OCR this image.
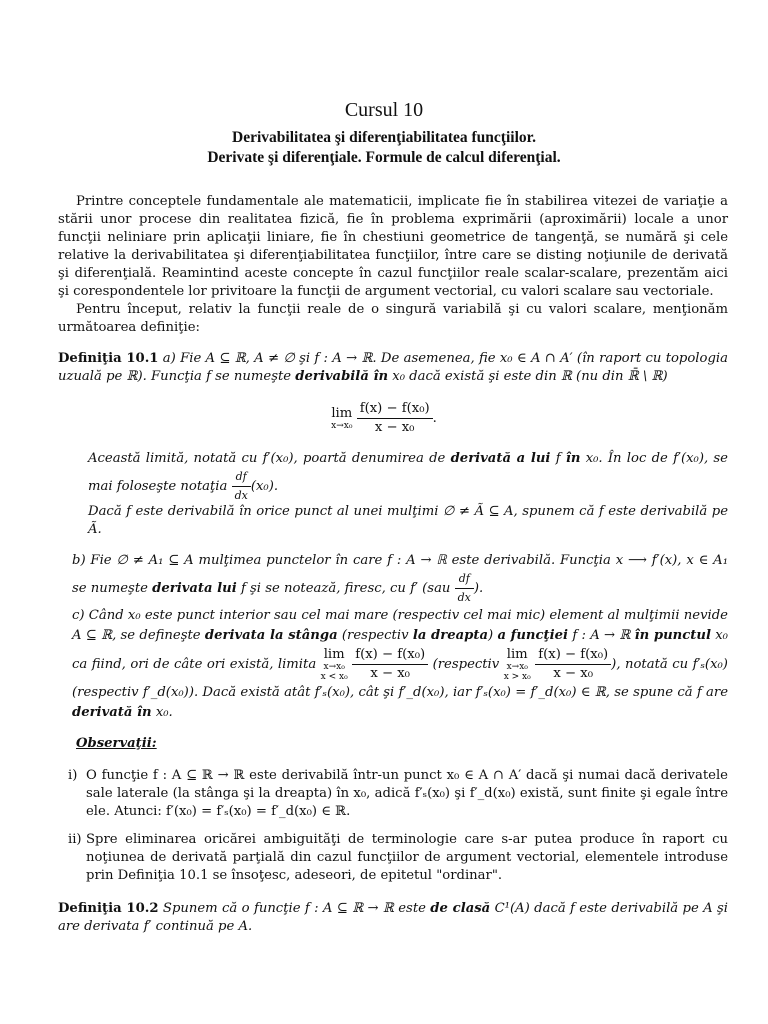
Cursul 10
Derivabilitatea şi diferenţiabilitatea funcţiilor.
Derivate şi diferenţiale. Formule de calcul diferenţial.
Printre conceptele fundamentale ale matematicii, implicate fie în stabilirea vitezei de variaţie a stării unor procese din realitatea fizică, fie în problema exprimării (aproximării) locale a unor funcţii neliniare prin aplicaţii liniare, fie în chestiuni geometrice de tangenţă, se numără şi cele relative la derivabilitatea şi diferenţiabilitatea funcţiilor, între care se disting noţiunile de derivată şi diferenţială. Reamintind aceste concepte în cazul funcţiilor reale scalar-scalare, prezentăm aici şi corespondentele lor privitoare la funcţii de argument vectorial, cu valori scalare sau vectoriale.
Pentru început, relativ la funcţii reale de o singură variabilă şi cu valori scalare, menţionăm următoarea definiţie:
Definiţia 10.1 a) Fie A ⊆ ℝ, A ≠ ∅ şi f : A → ℝ. De asemenea, fie x₀ ∈ A ∩ A′ (în raport cu topologia uzuală pe ℝ). Funcţia f se numeşte derivabilă în x₀ dacă există şi este din ℝ (nu din ℝ̄ \ ℝ)
lim
x→x₀
$\frac{\text{f(x) − f(x₀)}}{\text{x − x₀}}$ .
Această limită, notată cu f′(x₀), poartă denumirea de derivată a lui f în x₀. În loc de f′(x₀), se mai foloseşte notaţia $\frac{df}{dx} (x_0)$.
Dacă f este derivabilă în orice punct al unei mulţimi ∅ ≠ Ã ⊆ A, spunem că f este derivabilă pe Ã.
b) Fie ∅ ≠ A₁ ⊆ A mulţimea punctelor în care f : A → ℝ este derivabilă. Funcţia x ⟶ f′(x), x ∈ A₁ se numeşte derivata lui f şi se notează, firesc, cu f′ ($sau \frac{df}{dx}$ ).
c) Când x₀ este punct interior sau cel mai mare (respectiv cel mai mic) element al mulţimii nevide A ⊆ ℝ, se defineşte derivata la stânga (respectiv la dreapta) a funcţiei f : A → ℝ în punctul x₀ ca fiind, ori de câte ori există, limita lim
x→x₀
x < x₀
$\frac{\text{f(x) − f(x₀)}}{\text{x − x₀}}$ (respectiv lim
x→x₀
x > x₀
$\frac{\text{f(x) − f(x₀)}}{\text{x − x₀}}$ ), notată cu f′ₛ(x₀) (respectiv f′_d(x₀)). Dacă există atât f′ₛ(x₀), cât şi f′_d(x₀), iar f′ₛ(x₀) = f′_d(x₀) ∈ ℝ, se spune că f are derivată în x₀.
Observaţii:
i) O funcţie f : A ⊆ ℝ → ℝ este derivabilă într-un punct x₀ ∈ A ∩ A′ dacă şi numai dacă derivatele sale laterale (la stânga şi la dreapta) în x₀, adică f′ₛ(x₀) şi f′_d(x₀) există, sunt finite şi egale între ele. Atunci: f′(x₀) = f′ₛ(x₀) = f′_d(x₀) ∈ ℝ.
ii) Spre eliminarea oricărei ambiguităţi de terminologie care s-ar putea produce în raport cu noţiunea de derivată parţială din cazul funcţiilor de argument vectorial, elementele introduse prin Definiţia 10.1 se însoţesc, adeseori, de epitetul "ordinar".
Definiţia 10.2 Spunem că o funcţie f : A ⊆ ℝ → ℝ este de clasă C¹(A) dacă f este derivabilă pe A şi are derivata f′ continuă pe A.
